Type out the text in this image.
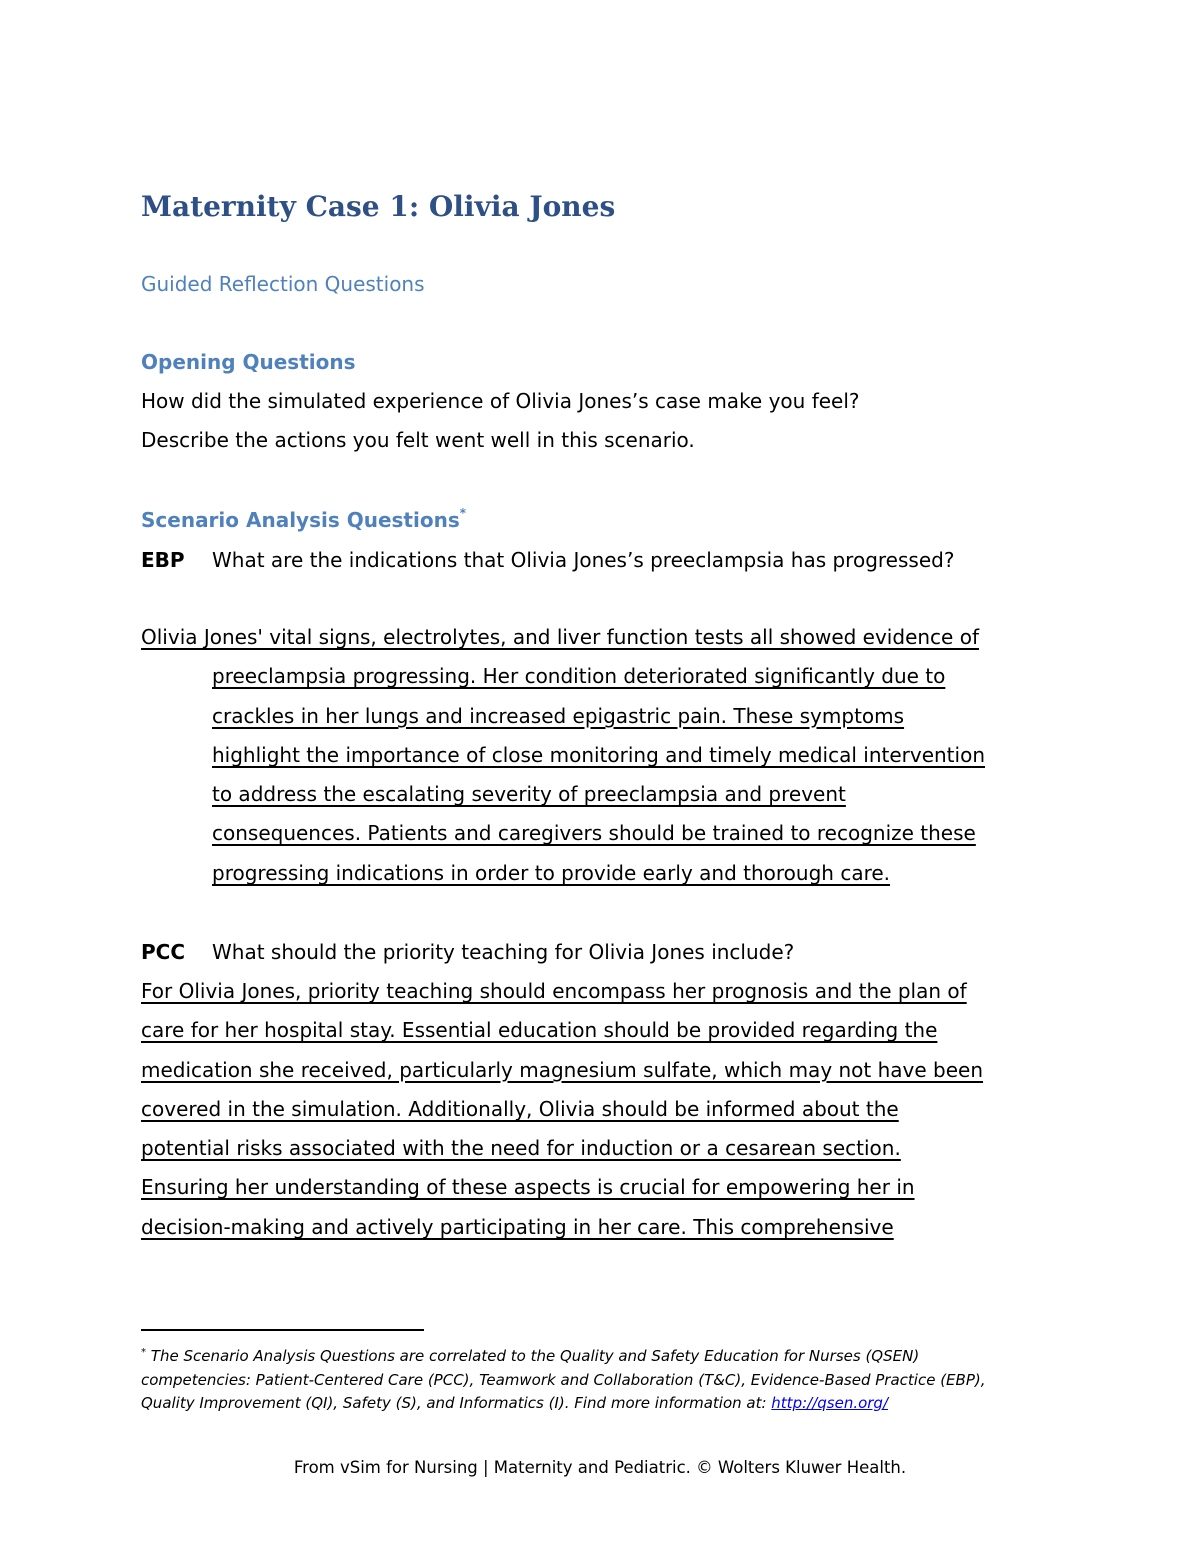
Maternity Case 1: Olivia Jones
Guided Reflection Questions
Opening Questions
How did the simulated experience of Olivia Jones’s case make you feel?
Describe the actions you felt went well in this scenario.
Scenario Analysis Questions*
EBP What are the indications that Olivia Jones’s preeclampsia has progressed?
Olivia Jones' vital signs, electrolytes, and liver function tests all showed evidence of
preeclampsia progressing. Her condition deteriorated significantly due to
crackles in her lungs and increased epigastric pain. These symptoms
highlight the importance of close monitoring and timely medical intervention
to address the escalating severity of preeclampsia and prevent
consequences. Patients and caregivers should be trained to recognize these
progressing indications in order to provide early and thorough care.
PCC What should the priority teaching for Olivia Jones include?
For Olivia Jones, priority teaching should encompass her prognosis and the plan of
care for her hospital stay. Essential education should be provided regarding the
medication she received, particularly magnesium sulfate, which may not have been
covered in the simulation. Additionally, Olivia should be informed about the
potential risks associated with the need for induction or a cesarean section.
Ensuring her understanding of these aspects is crucial for empowering her in
decision-making and actively participating in her care. This comprehensive
* The Scenario Analysis Questions are correlated to the Quality and Safety Education for Nurses (QSEN)
competencies: Patient-Centered Care (PCC), Teamwork and Collaboration (T&C), Evidence-Based Practice (EBP),
Quality Improvement (QI), Safety (S), and Informatics (I). Find more information at: http://qsen.org/
From vSim for Nursing | Maternity and Pediatric. © Wolters Kluwer Health.
